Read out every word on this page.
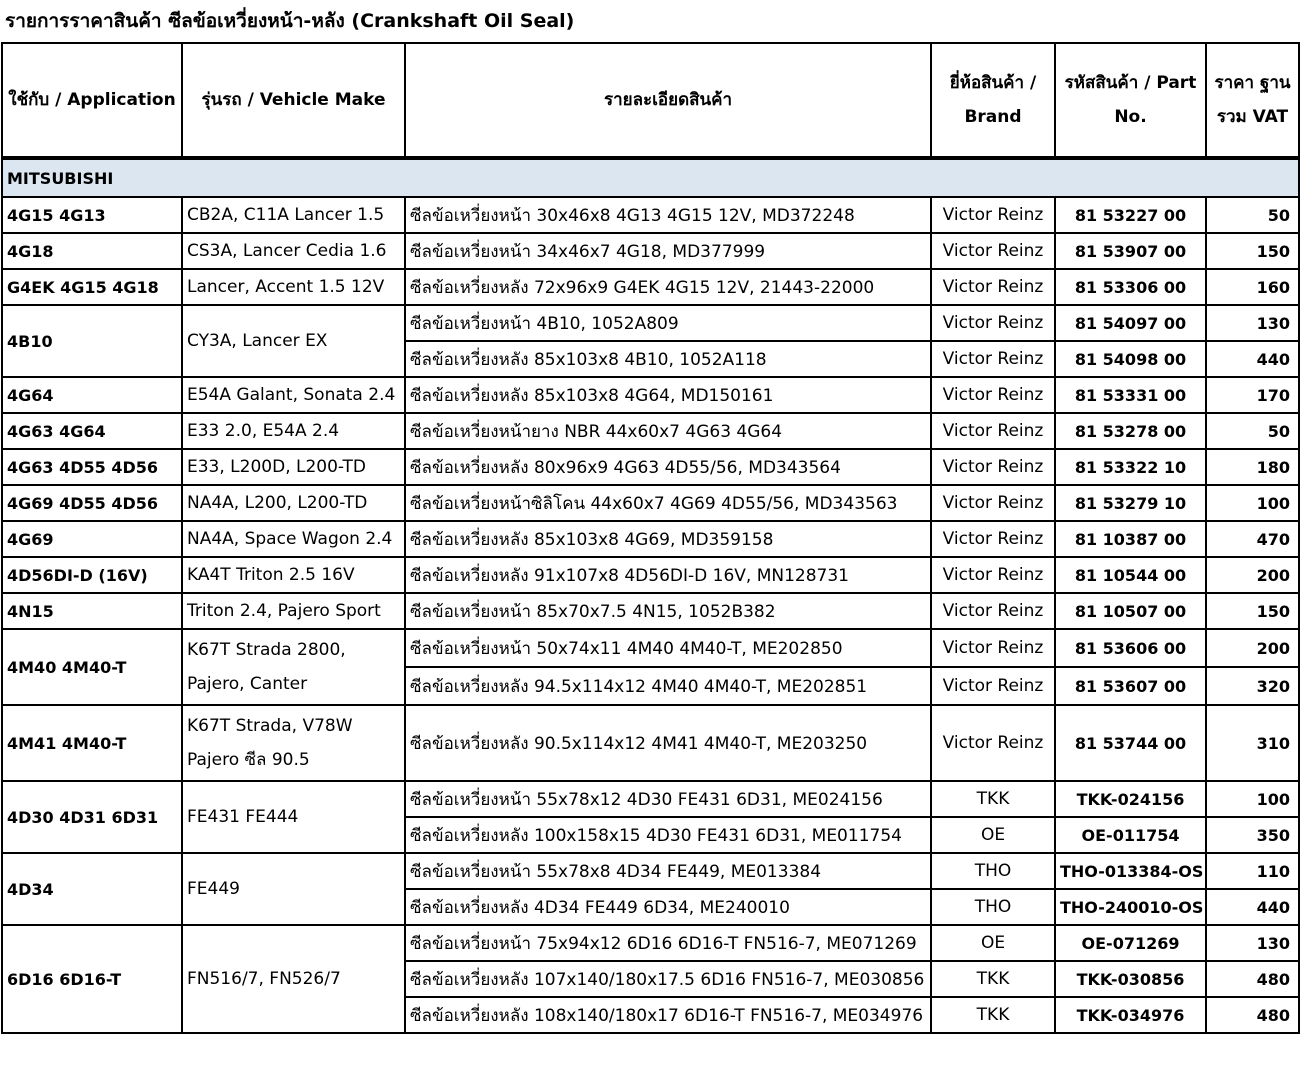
รายการราคาสินค้า ซีลข้อเหวี่ยงหน้า-หลัง (Crankshaft Oil Seal)
ใช้กับ / Application	รุ่นรถ / Vehicle Make	รายละเอียดสินค้า	ยี่ห้อสินค้า / Brand	รหัสสินค้า / Part No.	ราคา ฐานรวม VAT
MITSUBISHI					
4G15 4G13	CB2A, C11A Lancer 1.5	ซีลข้อเหวี่ยงหน้า 30x46x8 4G13 4G15 12V, MD372248	Victor Reinz	81 53227 00	50
4G18	CS3A, Lancer Cedia 1.6	ซีลข้อเหวี่ยงหน้า 34x46x7 4G18, MD377999	Victor Reinz	81 53907 00	150
G4EK 4G15 4G18	Lancer, Accent 1.5 12V	ซีลข้อเหวี่ยงหลัง 72x96x9 G4EK 4G15 12V, 21443-22000	Victor Reinz	81 53306 00	160
4B10	CY3A, Lancer EX	ซีลข้อเหวี่ยงหน้า 4B10, 1052A809	Victor Reinz	81 54097 00	130
		ซีลข้อเหวี่ยงหลัง 85x103x8 4B10, 1052A118	Victor Reinz	81 54098 00	440
4G64	E54A Galant, Sonata 2.4	ซีลข้อเหวี่ยงหลัง 85x103x8 4G64, MD150161	Victor Reinz	81 53331 00	170
4G63 4G64	E33 2.0, E54A 2.4	ซีลข้อเหวี่ยงหน้ายาง NBR 44x60x7 4G63 4G64	Victor Reinz	81 53278 00	50
4G63 4D55 4D56	E33, L200D, L200-TD	ซีลข้อเหวี่ยงหลัง 80x96x9 4G63 4D55/56, MD343564	Victor Reinz	81 53322 10	180
4G69 4D55 4D56	NA4A, L200, L200-TD	ซีลข้อเหวี่ยงหน้าซิลิโคน 44x60x7 4G69 4D55/56, MD343563	Victor Reinz	81 53279 10	100
4G69	NA4A, Space Wagon 2.4	ซีลข้อเหวี่ยงหลัง 85x103x8 4G69, MD359158	Victor Reinz	81 10387 00	470
4D56DI-D (16V)	KA4T Triton 2.5 16V	ซีลข้อเหวี่ยงหลัง 91x107x8 4D56DI-D 16V, MN128731	Victor Reinz	81 10544 00	200
4N15	Triton 2.4, Pajero Sport	ซีลข้อเหวี่ยงหน้า 85x70x7.5 4N15, 1052B382	Victor Reinz	81 10507 00	150
4M40 4M40-T	K67T Strada 2800, Pajero, Canter	ซีลข้อเหวี่ยงหน้า 50x74x11 4M40 4M40-T, ME202850	Victor Reinz	81 53606 00	200
		ซีลข้อเหวี่ยงหลัง 94.5x114x12 4M40 4M40-T, ME202851	Victor Reinz	81 53607 00	320
4M41 4M40-T	K67T Strada, V78W Pajero ซีล 90.5	ซีลข้อเหวี่ยงหลัง 90.5x114x12 4M41 4M40-T, ME203250	Victor Reinz	81 53744 00	310
4D30 4D31 6D31	FE431 FE444	ซีลข้อเหวี่ยงหน้า 55x78x12 4D30 FE431 6D31, ME024156	TKK	TKK-024156	100
		ซีลข้อเหวี่ยงหลัง 100x158x15 4D30 FE431 6D31, ME011754	OE	OE-011754	350
4D34	FE449	ซีลข้อเหวี่ยงหน้า 55x78x8 4D34 FE449, ME013384	THO	THO-013384-OS	110
		ซีลข้อเหวี่ยงหลัง 4D34 FE449 6D34, ME240010	THO	THO-240010-OS	440
6D16 6D16-T	FN516/7, FN526/7	ซีลข้อเหวี่ยงหน้า 75x94x12 6D16 6D16-T FN516-7, ME071269	OE	OE-071269	130
		ซีลข้อเหวี่ยงหลัง 107x140/180x17.5 6D16 FN516-7, ME030856	TKK	TKK-030856	480
		ซีลข้อเหวี่ยงหลัง 108x140/180x17 6D16-T FN516-7, ME034976	TKK	TKK-034976	480
